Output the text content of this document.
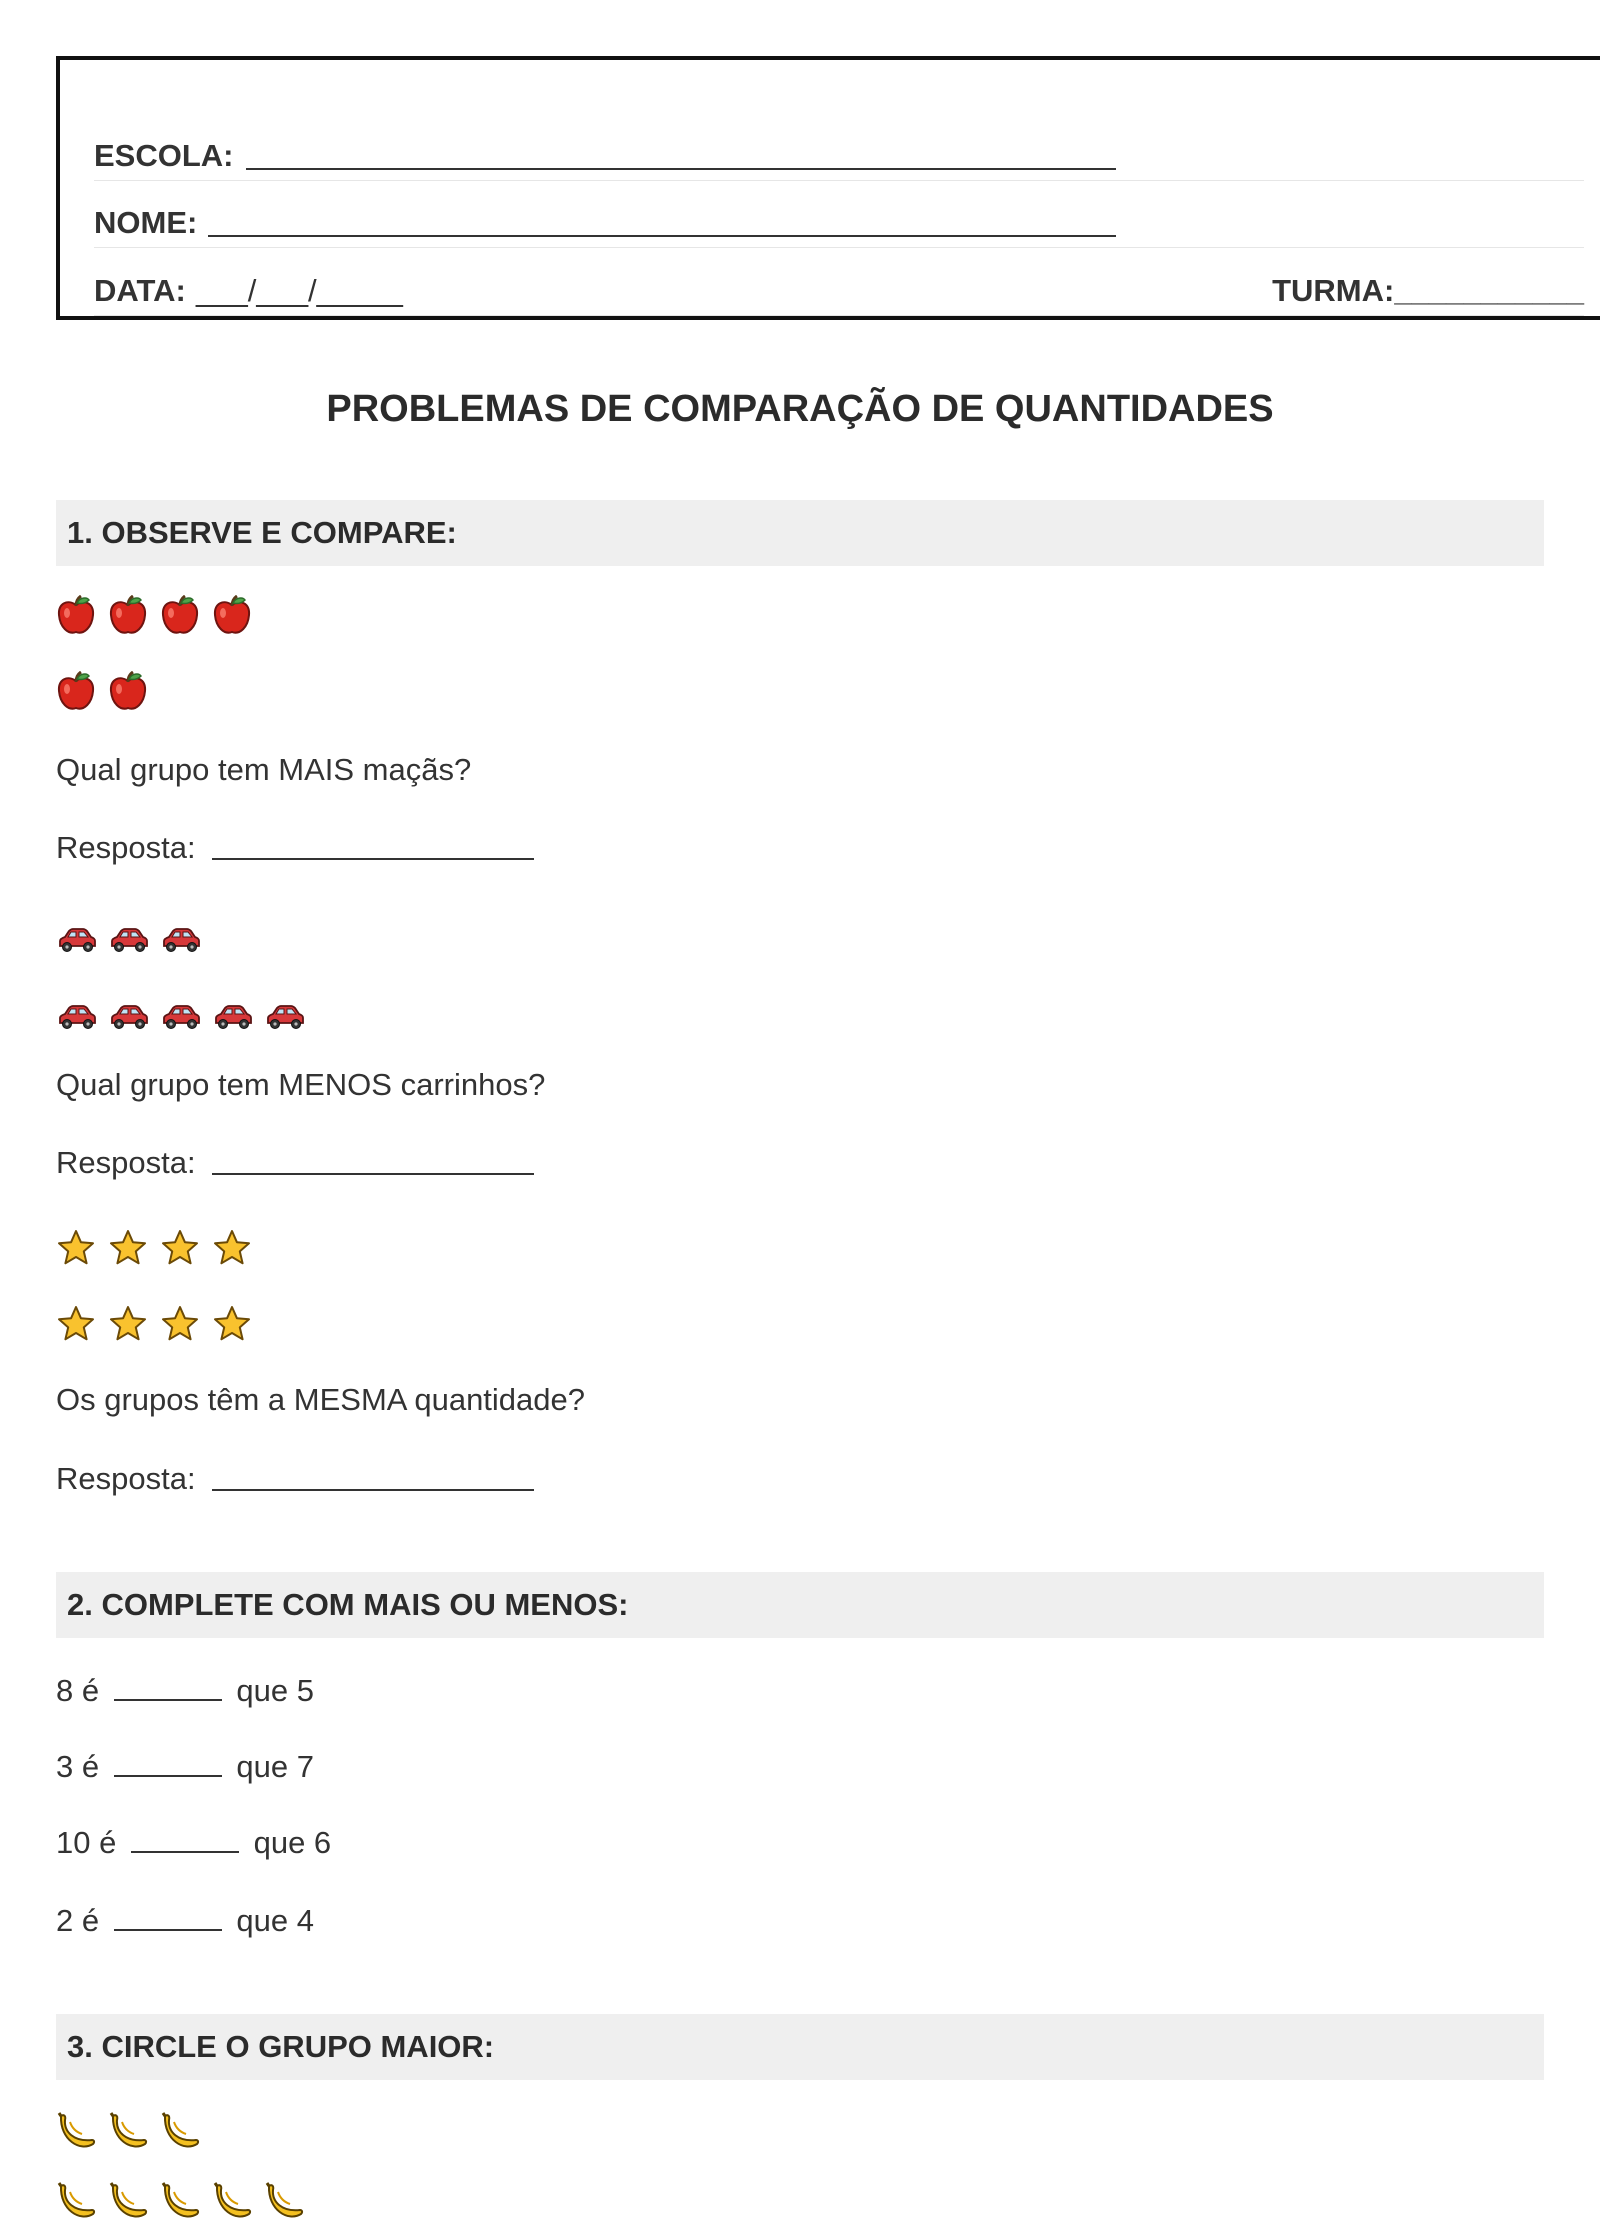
ESCOLA:
NOME:
DATA: ___/___/_____	TURMA:___________
PROBLEMAS DE COMPARAÇÃO DE QUANTIDADES
1. OBSERVE E COMPARE:
Qual grupo tem MAIS maçãs?
Resposta:
Qual grupo tem MENOS carrinhos?
Resposta:
Os grupos têm a MESMA quantidade?
Resposta:
2. COMPLETE COM MAIS OU MENOS:
8 é	que 5
3 é	que 7
10 é	que 6
2 é	que 4
3. CIRCLE O GRUPO MAIOR:
